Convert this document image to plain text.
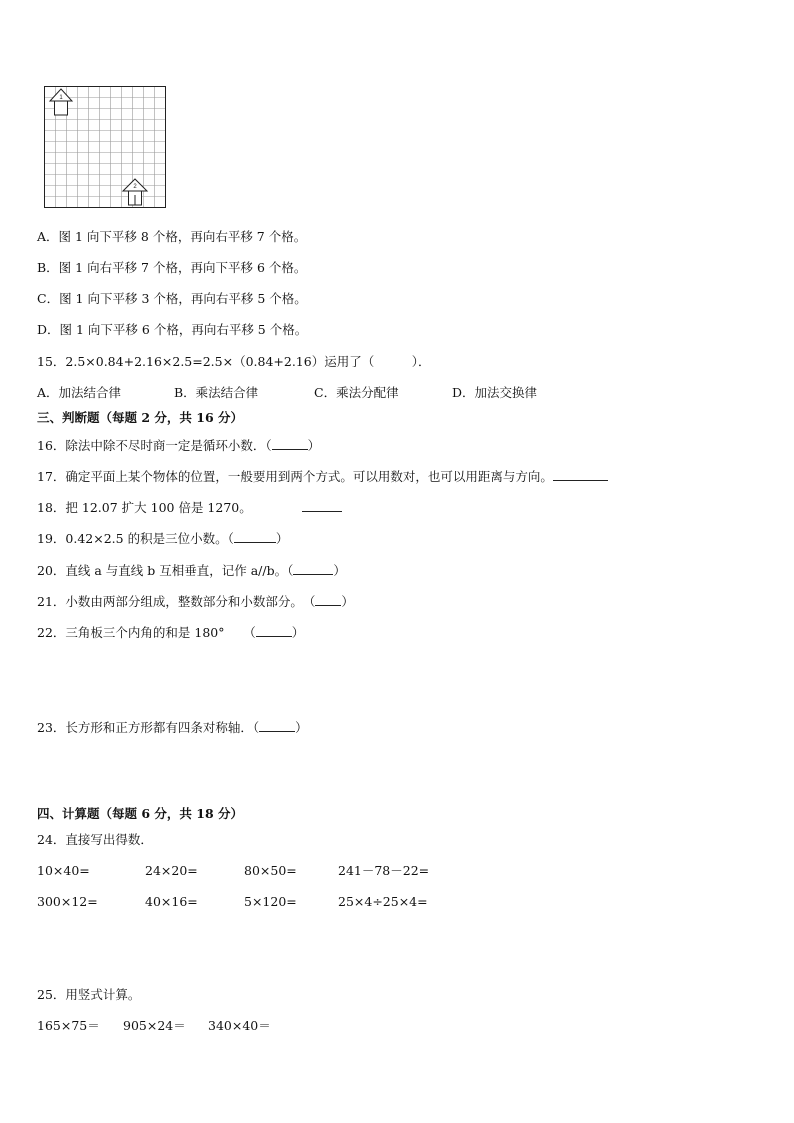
1
2
A．图 1 向下平移 8 个格，再向右平移 7 个格。
B．图 1 向右平移 7 个格，再向下平移 6 个格。
C．图 1 向下平移 3 个格，再向右平移 5 个格。
D．图 1 向下平移 6 个格，再向右平移 5 个格。
15．2.5×0.84+2.16×2.5=2.5×（0.84+2.16）运用了（　　　）．
A．加法结合律	B．乘法结合律	C．乘法分配律	D．加法交换律
三、判断题（每题 2 分，共 16 分）
16．除法中除不尽时商一定是循环小数．（	）
17．确定平面上某个物体的位置，一般要用到两个方式。可以用数对，也可以用距离与方向。
18．把 12.07 扩大 100 倍是 1270。
19．0.42×2.5 的积是三位小数。（	）
20．直线 a 与直线 b 互相垂直，记作 a//b。（	）
21．小数由两部分组成，整数部分和小数部分。　（ ）
22．三角板三个内角的和是 180°　　（	）
23．长方形和正方形都有四条对称轴．（	）
四、计算题（每题 6 分，共 18 分）
24．直接写出得数．
10×40=	24×20=	80×50=	241－78－22=
300×12=	40×16=	5×120=	25×4÷25×4=
25．用竖式计算。
165×75＝ 905×24＝ 340×40＝
